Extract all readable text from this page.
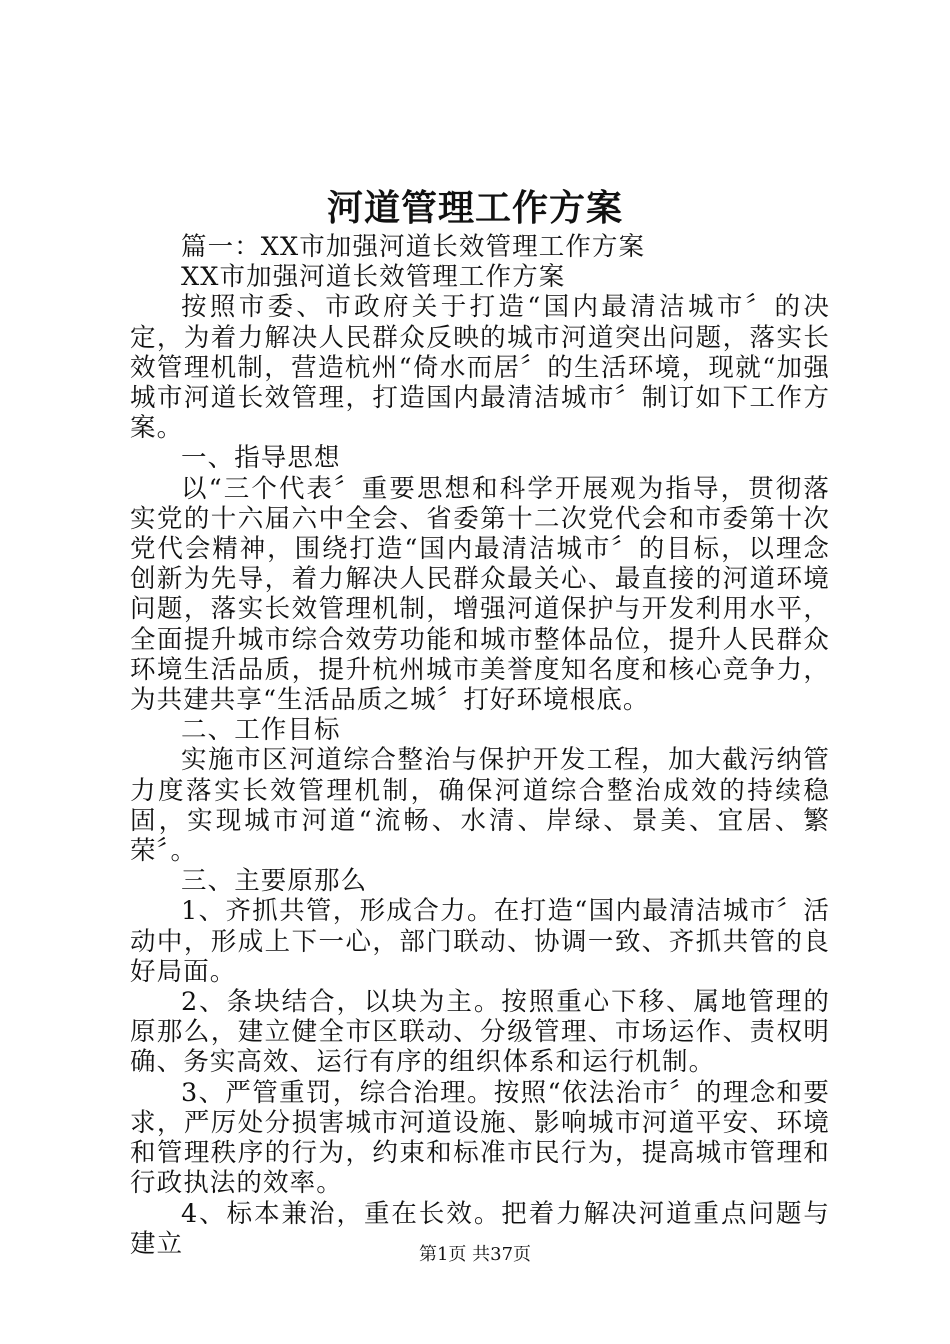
河道管理工作方案

篇一：XX市加强河道长效管理工作方案

XX市加强河道长效管理工作方案

按照市委、市政府关于打造“国内最清洁城市〞的决定，为着力解决人民群众反映的城市河道突出问题，落实长效管理机制，营造杭州“倚水而居〞的生活环境，现就“加强城市河道长效管理，打造国内最清洁城市〞制订如下工作方案。

一、指导思想

以“三个代表〞重要思想和科学开展观为指导，贯彻落实党的十六届六中全会、省委第十二次党代会和市委第十次党代会精神，围绕打造“国内最清洁城市〞的目标，以理念创新为先导，着力解决人民群众最关心、最直接的河道环境问题，落实长效管理机制，增强河道保护与开发利用水平，全面提升城市综合效劳功能和城市整体品位，提升人民群众环境生活品质，提升杭州城市美誉度知名度和核心竞争力，为共建共享“生活品质之城〞打好环境根底。

二、工作目标

实施市区河道综合整治与保护开发工程，加大截污纳管力度落实长效管理机制，确保河道综合整治成效的持续稳固，实现城市河道“流畅、水清、岸绿、景美、宜居、繁荣〞。

三、主要原那么

1、齐抓共管，形成合力。在打造“国内最清洁城市〞活动中，形成上下一心，部门联动、协调一致、齐抓共管的良好局面。

2、条块结合，以块为主。按照重心下移、属地管理的原那么，建立健全市区联动、分级管理、市场运作、责权明确、务实高效、运行有序的组织体系和运行机制。

3、严管重罚，综合治理。按照“依法治市〞的理念和要求，严厉处分损害城市河道设施、影响城市河道平安、环境和管理秩序的行为，约束和标准市民行为，提高城市管理和行政执法的效率。

4、标本兼治，重在长效。把着力解决河道重点问题与建立	第1页 共37页
